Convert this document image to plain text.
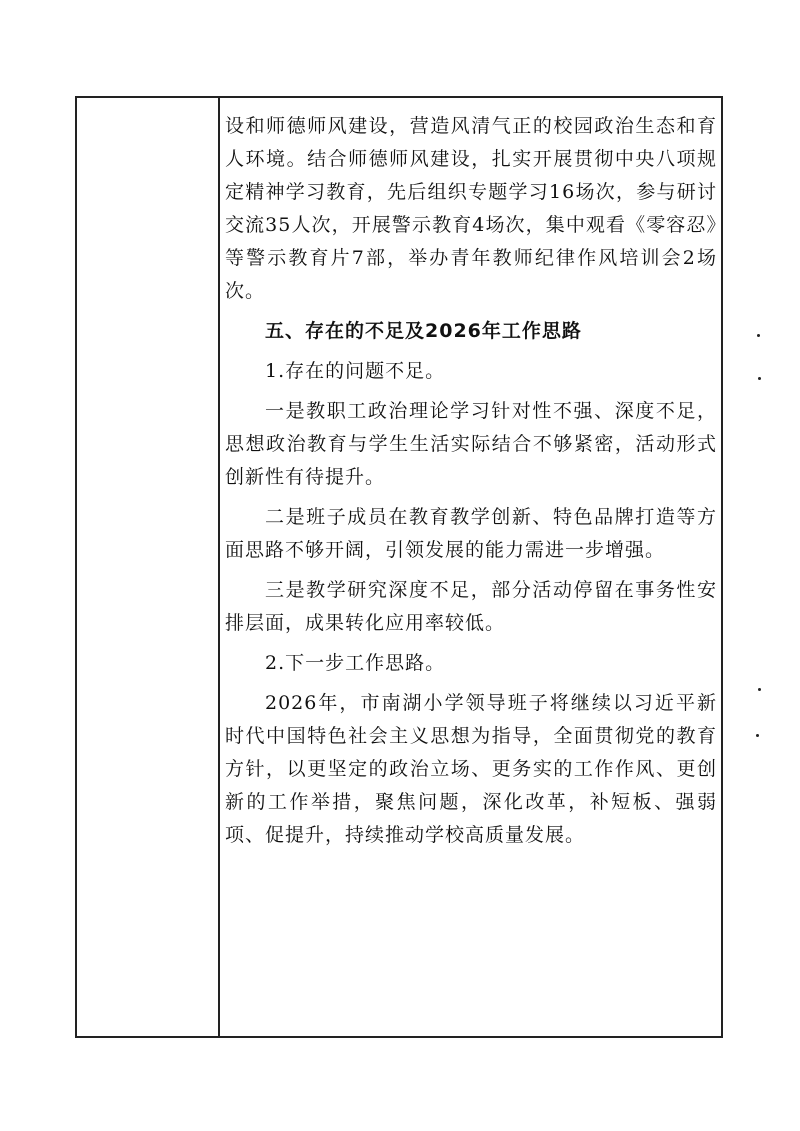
设和师德师风建设，营造风清气正的校园政治生态和育人环境。结合师德师风建设，扎实开展贯彻中央八项规定精神学习教育，先后组织专题学习16场次，参与研讨交流35人次，开展警示教育4场次，集中观看《零容忍》等警示教育片7部，举办青年教师纪律作风培训会2场次。

五、存在的不足及2026年工作思路

1.存在的问题不足。

一是教职工政治理论学习针对性不强、深度不足，思想政治教育与学生生活实际结合不够紧密，活动形式创新性有待提升。

二是班子成员在教育教学创新、特色品牌打造等方面思路不够开阔，引领发展的能力需进一步增强。

三是教学研究深度不足，部分活动停留在事务性安排层面，成果转化应用率较低。

2.下一步工作思路。

2026年，市南湖小学领导班子将继续以习近平新时代中国特色社会主义思想为指导，全面贯彻党的教育方针，以更坚定的政治立场、更务实的工作作风、更创新的工作举措，聚焦问题，深化改革，补短板、强弱项、促提升，持续推动学校高质量发展。
